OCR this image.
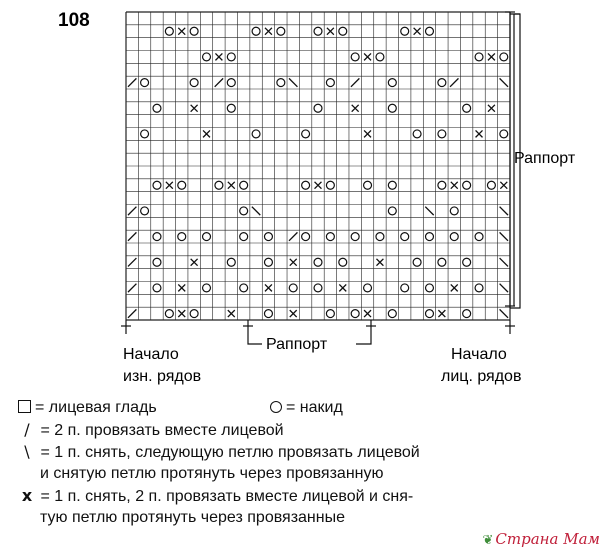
108
Раппорт
Раппорт
Начало
изн. рядов
Начало
лиц. рядов
= лицевая гладь	= накид
/ = 2 п. провязать вместе лицевой
\ = 1 п. снять, следующую петлю провязать лицевой
и снятую петлю протянуть через провязанную
x = 1 п. снять, 2 п. провязать вместе лицевой и сня-
тую петлю протянуть через провязанные
❦ Страна Мам
